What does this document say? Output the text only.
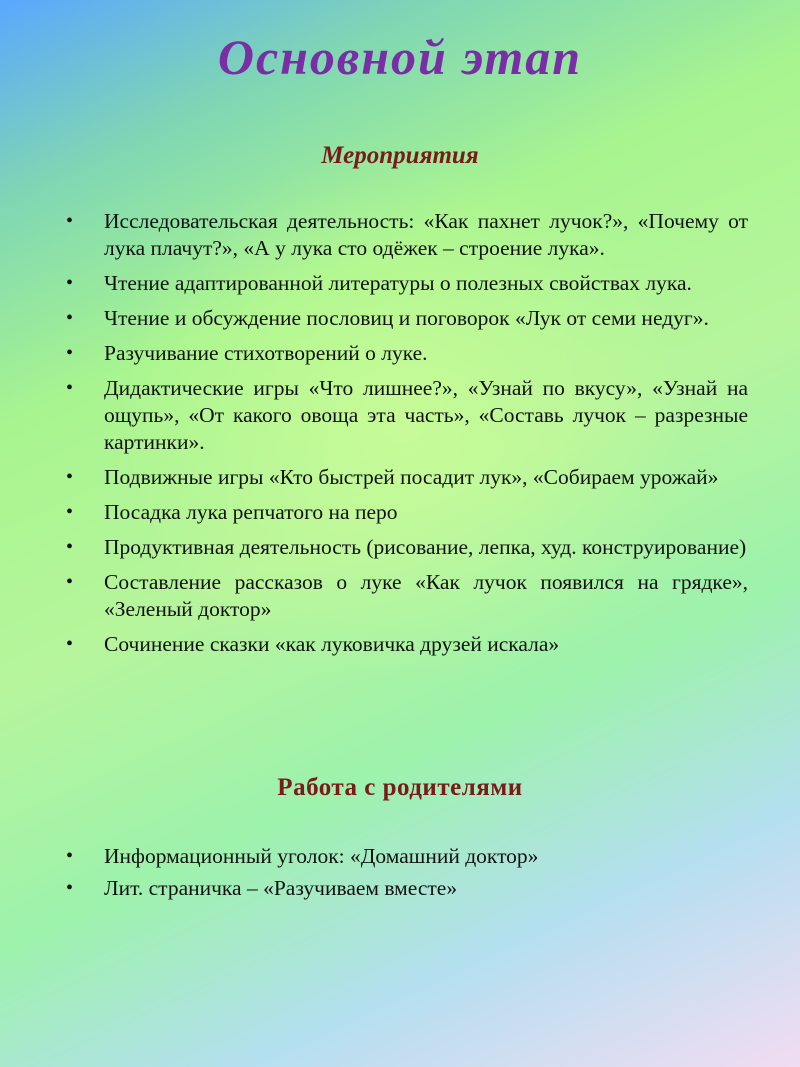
Основной этап
Мероприятия
• Исследовательская деятельность: «Как пахнет лучок?», «Почему от лука плачут?», «А у лука сто одёжек – строение лука».
• Чтение адаптированной литературы о полезных свойствах лука.
• Чтение и обсуждение пословиц и поговорок «Лук от семи недуг».
• Разучивание стихотворений о луке.
• Дидактические игры «Что лишнее?», «Узнай по вкусу», «Узнай на ощупь», «От какого овоща эта часть», «Составь лучок – разрезные картинки».
• Подвижные игры «Кто быстрей посадит лук», «Собираем урожай»
• Посадка лука репчатого на перо
• Продуктивная деятельность (рисование, лепка, худ. конструирование)
• Составление рассказов о луке «Как лучок появился на грядке», «Зеленый доктор»
• Сочинение сказки «как луковичка друзей искала»
Работа с родителями
• Информационный уголок: «Домашний доктор»
• Лит. страничка – «Разучиваем вместе»
